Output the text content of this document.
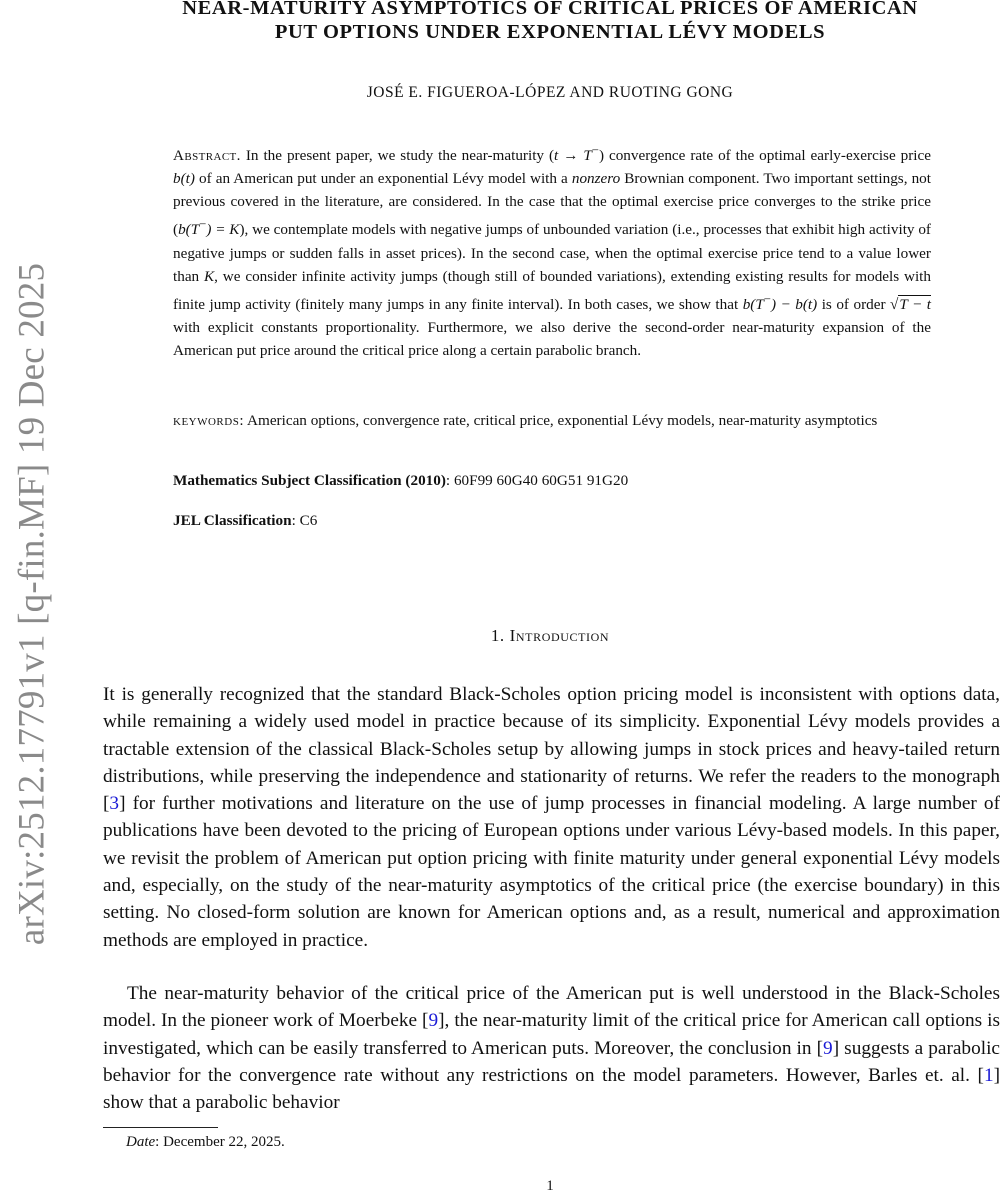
arXiv:2512.17791v1 [q-fin.MF] 19 Dec 2025
NEAR-MATURITY ASYMPTOTICS OF CRITICAL PRICES OF AMERICAN
PUT OPTIONS UNDER EXPONENTIAL LÉVY MODELS
JOSÉ E. FIGUEROA-LÓPEZ AND RUOTING GONG
Abstract. In the present paper, we study the near-maturity (t → T−) convergence rate of the optimal early-exercise price b(t) of an American put under an exponential Lévy model with a nonzero Brownian component. Two important settings, not previous covered in the literature, are considered. In the case that the optimal exercise price converges to the strike price (b(T−) = K), we contemplate models with negative jumps of unbounded variation (i.e., processes that exhibit high activity of negative jumps or sudden falls in asset prices). In the second case, when the optimal exercise price tend to a value lower than K, we consider infinite activity jumps (though still of bounded variations), extending existing results for models with finite jump activity (finitely many jumps in any finite interval). In both cases, we show that b(T−) − b(t) is of order √T − t with explicit constants proportionality. Furthermore, we also derive the second-order near-maturity expansion of the American put price around the critical price along a certain parabolic branch.
keywords: American options, convergence rate, critical price, exponential Lévy models, near-maturity asymptotics
Mathematics Subject Classification (2010): 60F99 60G40 60G51 91G20
JEL Classification: C6
1. Introduction
It is generally recognized that the standard Black-Scholes option pricing model is inconsistent with options data, while remaining a widely used model in practice because of its simplicity. Exponential Lévy models provides a tractable extension of the classical Black-Scholes setup by allowing jumps in stock prices and heavy-tailed return distributions, while preserving the independence and stationarity of returns. We refer the readers to the monograph [3] for further motivations and literature on the use of jump processes in financial modeling. A large number of publications have been devoted to the pricing of European options under various Lévy-based models. In this paper, we revisit the problem of American put option pricing with finite maturity under general exponential Lévy models and, especially, on the study of the near-maturity asymptotics of the critical price (the exercise boundary) in this setting. No closed-form solution are known for American options and, as a result, numerical and approximation methods are employed in practice.
The near-maturity behavior of the critical price of the American put is well understood in the Black-Scholes model. In the pioneer work of Moerbeke [9], the near-maturity limit of the critical price for American call options is investigated, which can be easily transferred to American puts. Moreover, the conclusion in [9] suggests a parabolic behavior for the convergence rate without any restrictions on the model parameters. However, Barles et. al. [1] show that a parabolic behavior
Date: December 22, 2025.
1
